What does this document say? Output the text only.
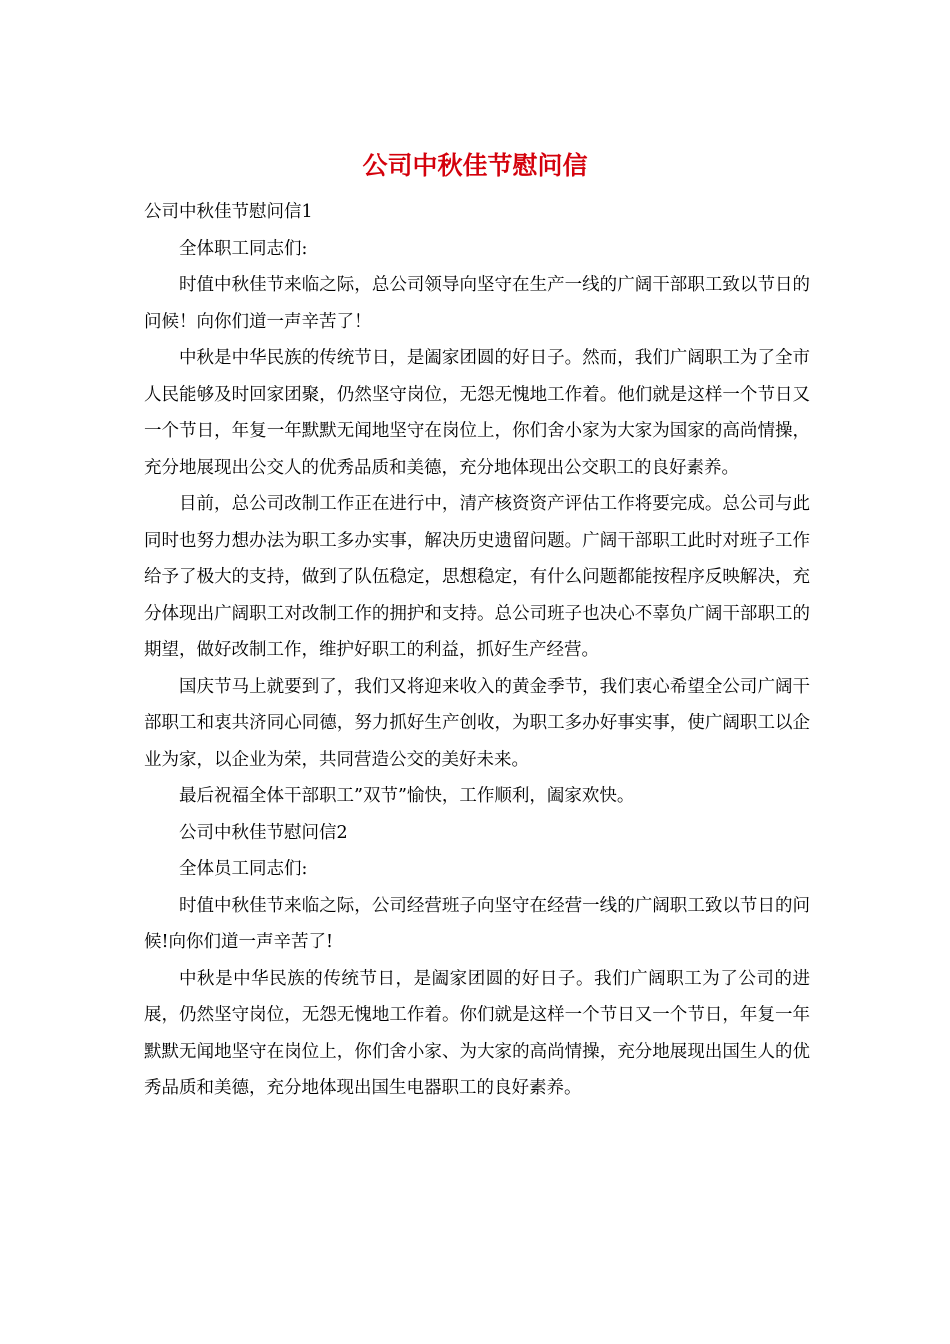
公司中秋佳节慰问信

公司中秋佳节慰问信1

全体职工同志们:

时值中秋佳节来临之际，总公司领导向坚守在生产一线的广阔干部职工致以节日的问候！向你们道一声辛苦了！

中秋是中华民族的传统节日，是阖家团圆的好日子。然而，我们广阔职工为了全市人民能够及时回家团聚，仍然坚守岗位，无怨无愧地工作着。他们就是这样一个节日又一个节日，年复一年默默无闻地坚守在岗位上，你们舍小家为大家为国家的高尚情操，充分地展现出公交人的优秀品质和美德，充分地体现出公交职工的良好素养。

目前，总公司改制工作正在进行中，清产核资资产评估工作将要完成。总公司与此同时也努力想办法为职工多办实事，解决历史遗留问题。广阔干部职工此时对班子工作给予了极大的支持，做到了队伍稳定，思想稳定，有什么问题都能按程序反映解决，充分体现出广阔职工对改制工作的拥护和支持。总公司班子也决心不辜负广阔干部职工的期望，做好改制工作，维护好职工的利益，抓好生产经营。

国庆节马上就要到了，我们又将迎来收入的黄金季节，我们衷心希望全公司广阔干部职工和衷共济同心同德，努力抓好生产创收，为职工多办好事实事，使广阔职工以企业为家，以企业为荣，共同营造公交的美好未来。

最后祝福全体干部职工”双节”愉快，工作顺利，阖家欢快。

公司中秋佳节慰问信2

全体员工同志们:

时值中秋佳节来临之际，公司经营班子向坚守在经营一线的广阔职工致以节日的问候!向你们道一声辛苦了!

中秋是中华民族的传统节日，是阖家团圆的好日子。我们广阔职工为了公司的进展，仍然坚守岗位，无怨无愧地工作着。你们就是这样一个节日又一个节日，年复一年默默无闻地坚守在岗位上，你们舍小家、为大家的高尚情操，充分地展现出国生人的优秀品质和美德，充分地体现出国生电器职工的良好素养。
